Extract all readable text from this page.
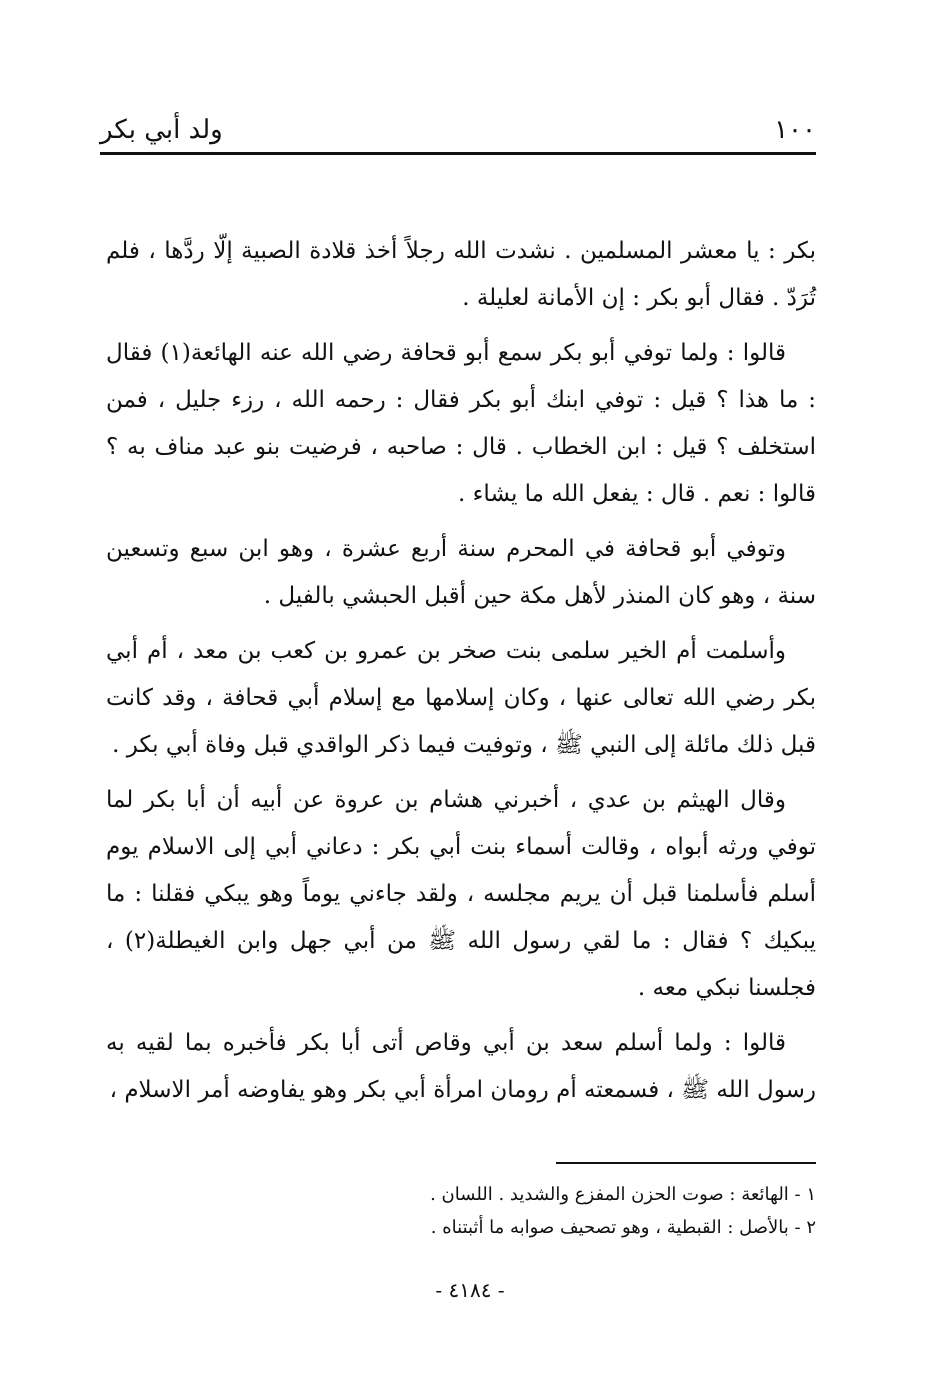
١٠٠
ولد أبي بكر

بكر : يا معشر المسلمين . نشدت الله رجلاً أخذ قلادة الصبية إلّا ردَّها ، فلم تُرَدّ . فقال أبو بكر : إن الأمانة لعليلة .

قالوا : ولما توفي أبو بكر سمع أبو قحافة رضي الله عنه الهائعة(١) فقال : ما هذا ؟ قيل : توفي ابنك أبو بكر فقال : رحمه الله ، رزء جليل ، فمن استخلف ؟ قيل : ابن الخطاب . قال : صاحبه ، فرضيت بنو عبد مناف به ؟ قالوا : نعم . قال : يفعل الله ما يشاء .

وتوفي أبو قحافة في المحرم سنة أربع عشرة ، وهو ابن سبع وتسعين سنة ، وهو كان المنذر لأهل مكة حين أقبل الحبشي بالفيل .

وأسلمت أم الخير سلمى بنت صخر بن عمرو بن كعب بن معد ، أم أبي بكر رضي الله تعالى عنها ، وكان إسلامها مع إسلام أبي قحافة ، وقد كانت قبل ذلك مائلة إلى النبي ﷺ ، وتوفيت فيما ذكر الواقدي قبل وفاة أبي بكر .

وقال الهيثم بن عدي ، أخبرني هشام بن عروة عن أبيه أن أبا بكر لما توفي ورثه أبواه ، وقالت أسماء بنت أبي بكر : دعاني أبي إلى الاسلام يوم أسلم فأسلمنا قبل أن يريم مجلسه ، ولقد جاءني يوماً وهو يبكي فقلنا : ما يبكيك ؟ فقال : ما لقي رسول الله ﷺ من أبي جهل وابن الغيطلة(٢) ، فجلسنا نبكي معه .

قالوا : ولما أسلم سعد بن أبي وقاص أتى أبا بكر فأخبره بما لقيه به رسول الله ﷺ ، فسمعته أم رومان امرأة أبي بكر وهو يفاوضه أمر الاسلام ،

١ - الهائعة : صوت الحزن المفزع والشديد . اللسان .

٢ - بالأصل : القبطية ، وهو تصحيف صوابه ما أثبتناه .

- ٤١٨٤ -
